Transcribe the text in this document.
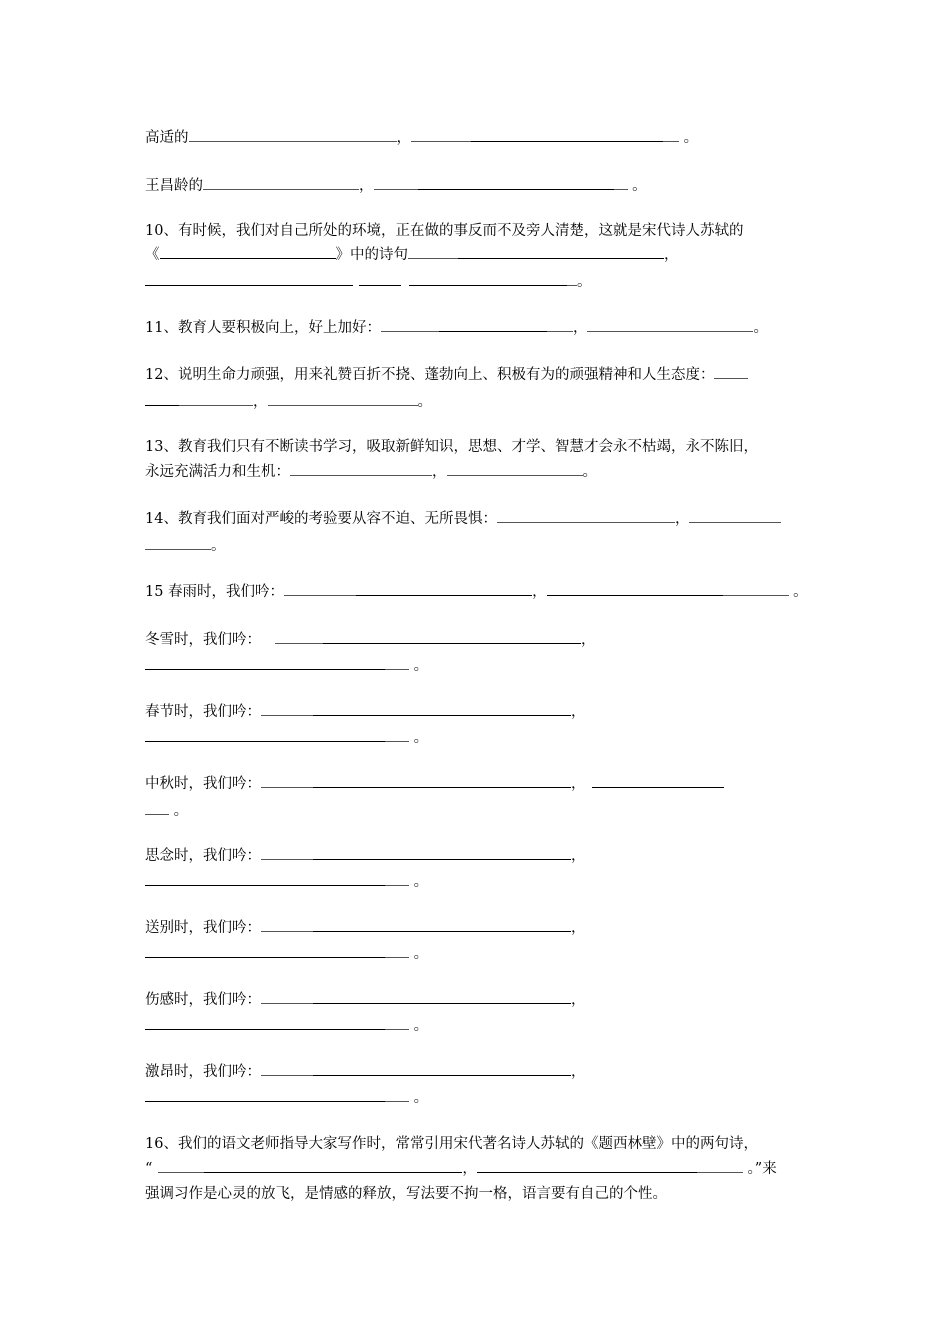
高适的	，	。
王昌龄的	，	。
10、有时候，我们对自己所处的环境，正在做的事反而不及旁人清楚，这就是宋代诗人苏轼的
《	》中的诗句	，
。
11、教育人要积极向上，好上加好：	，	。
12、说明生命力顽强，用来礼赞百折不挠、蓬勃向上、积极有为的顽强精神和人生态度：
，	。
13、教育我们只有不断读书学习，吸取新鲜知识，思想、才学、智慧才会永不枯竭，永不陈旧，
永远充满活力和生机：	，	。
14、教育我们面对严峻的考验要从容不迫、无所畏惧：	，
。
15 春雨时，我们吟：	，	。
冬雪时，我们吟：	，
。
春节时，我们吟：	，
。
中秋时，我们吟：	，
。
思念时，我们吟：	，
。
送别时，我们吟：	，
。
伤感时，我们吟：	，
。
激昂时，我们吟：	，
。
16、我们的语文老师指导大家写作时，常常引用宋代著名诗人苏轼的《题西林壁》中的两句诗，
“	，	。”来
强调习作是心灵的放飞，是情感的释放，写法要不拘一格，语言要有自己的个性。
